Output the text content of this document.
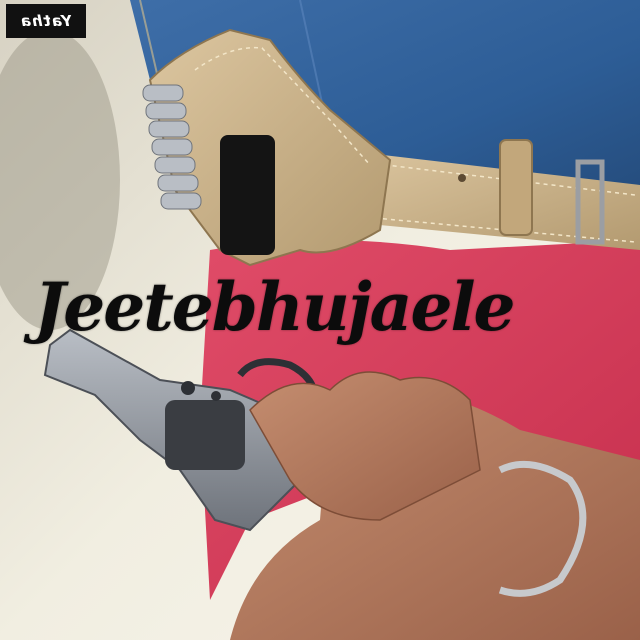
Yatha
Jeetebhujaele
